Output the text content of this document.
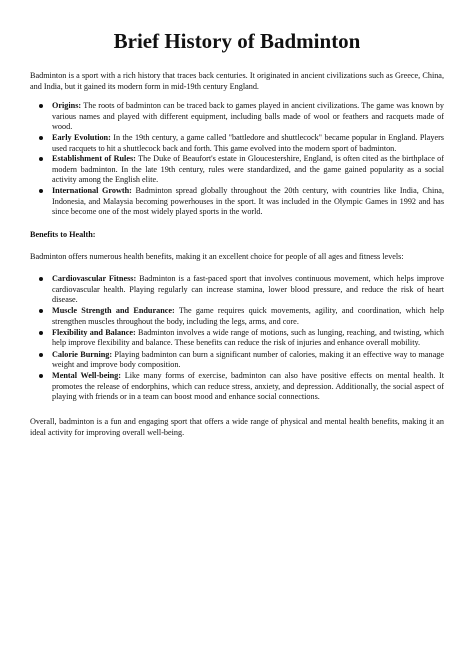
Brief History of Badminton

Badminton is a sport with a rich history that traces back centuries. It originated in ancient civilizations such as Greece, China, and India, but it gained its modern form in mid-19th century England.

Origins: The roots of badminton can be traced back to games played in ancient civilizations. The game was known by various names and played with different equipment, including balls made of wool or feathers and racquets made of wood.
Early Evolution: In the 19th century, a game called "battledore and shuttlecock" became popular in England. Players used racquets to hit a shuttlecock back and forth. This game evolved into the modern sport of badminton.
Establishment of Rules: The Duke of Beaufort's estate in Gloucestershire, England, is often cited as the birthplace of modern badminton. In the late 19th century, rules were standardized, and the game gained popularity as a social activity among the English elite.
International Growth: Badminton spread globally throughout the 20th century, with countries like India, China, Indonesia, and Malaysia becoming powerhouses in the sport. It was included in the Olympic Games in 1992 and has since become one of the most widely played sports in the world.
Benefits to Health:

Badminton offers numerous health benefits, making it an excellent choice for people of all ages and fitness levels:

Cardiovascular Fitness: Badminton is a fast-paced sport that involves continuous movement, which helps improve cardiovascular health. Playing regularly can increase stamina, lower blood pressure, and reduce the risk of heart disease.
Muscle Strength and Endurance: The game requires quick movements, agility, and coordination, which help strengthen muscles throughout the body, including the legs, arms, and core.
Flexibility and Balance: Badminton involves a wide range of motions, such as lunging, reaching, and twisting, which help improve flexibility and balance. These benefits can reduce the risk of injuries and enhance overall mobility.
Calorie Burning: Playing badminton can burn a significant number of calories, making it an effective way to manage weight and improve body composition.
Mental Well-being: Like many forms of exercise, badminton can also have positive effects on mental health. It promotes the release of endorphins, which can reduce stress, anxiety, and depression. Additionally, the social aspect of playing with friends or in a team can boost mood and enhance social connections.

Overall, badminton is a fun and engaging sport that offers a wide range of physical and mental health benefits, making it an ideal activity for improving overall well-being.
